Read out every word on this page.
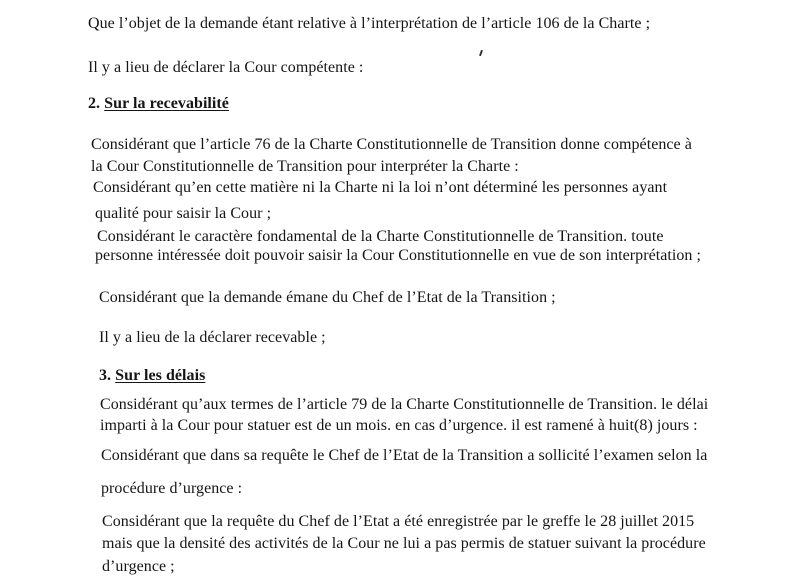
Que l’objet de la demande étant relative à l’interprétation de l’article 106 de la Charte ;
Il y a lieu de déclarer la Cour compétente :
2. Sur la recevabilité
Considérant que l’article 76 de la Charte Constitutionnelle de Transition donne compétence à
la Cour Constitutionnelle de Transition pour interpréter la Charte :
Considérant qu’en cette matière ni la Charte ni la loi n’ont déterminé les personnes ayant
qualité pour saisir la Cour ;
Considérant le caractère fondamental de la Charte Constitutionnelle de Transition. toute
personne intéressée doit pouvoir saisir la Cour Constitutionnelle en vue de son interprétation ;
Considérant que la demande émane du Chef de l’Etat de la Transition ;
Il y a lieu de la déclarer recevable ;
3. Sur les délais
Considérant qu’aux termes de l’article 79 de la Charte Constitutionnelle de Transition. le délai
imparti à la Cour pour statuer est de un mois. en cas d’urgence. il est ramené à huit(8) jours :
Considérant que dans sa requête le Chef de l’Etat de la Transition a sollicité l’examen selon la
procédure d’urgence :
Considérant que la requête du Chef de l’Etat a été enregistrée par le greffe le 28 juillet 2015
mais que la densité des activités de la Cour ne lui a pas permis de statuer suivant la procédure
d’urgence ;
